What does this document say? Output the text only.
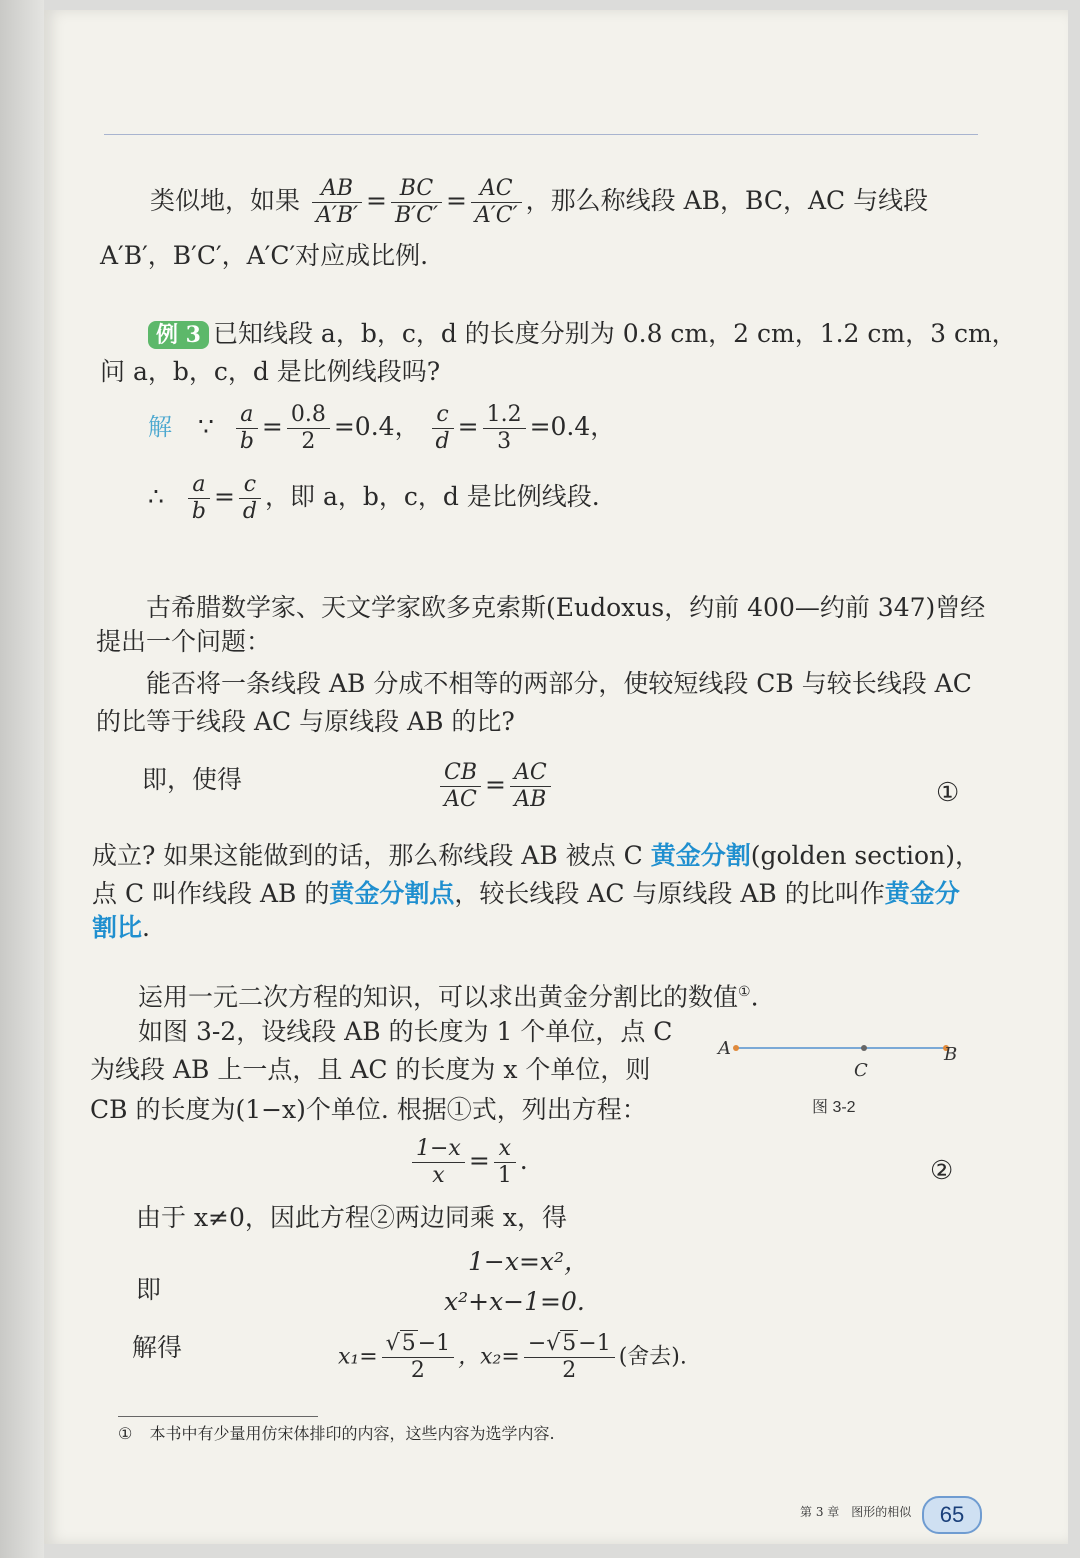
类似地，如果 $\frac{AB}{A'B'} = \frac{BC}{B'C'} = \frac{AC}{A'C'}$ ，那么称线段 AB，BC，AC 与线段
A′B′，B′C′，A′C′对应成比例.
例 3 已知线段 a，b，c，d 的长度分别为 0.8 cm，2 cm，1.2 cm，3 cm，
问 a，b，c，d 是比例线段吗?
解 ∵ $\frac{a}{b} = \frac{0.8}{2} =0.4$， $\frac{c}{d} = \frac{1.2}{3} =0.4$，
∴ $\frac{a}{b} = \frac{c}{d}$ ，即 a，b，c，d 是比例线段.
古希腊数学家、天文学家欧多克索斯(Eudoxus，约前 400—约前 347)曾经
提出一个问题：
能否将一条线段 AB 分成不相等的两部分，使较短线段 CB 与较长线段 AC
的比等于线段 AC 与原线段 AB 的比?
即，使得	$\frac{CB}{AC} = \frac{AC}{AB}$	①
成立? 如果这能做到的话，那么称线段 AB 被点 C 黄金分割(golden section)，
点 C 叫作线段 AB 的黄金分割点，较长线段 AC 与原线段 AB 的比叫作黄金分
割比.
运用一元二次方程的知识，可以求出黄金分割比的数值①.
如图 3-2，设线段 AB 的长度为 1 个单位，点 C
为线段 AB 上一点，且 AC 的长度为 x 个单位，则
CB 的长度为(1−x)个单位. 根据①式，列出方程：
A	B
C
图 3-2
$\frac{1-x}{x} = \frac{x}{1}$ .	②
由于 x≠0，因此方程②两边同乘 x，得
1−x=x²，
即	x²+x−1=0.
解得	$x_1= \frac{√5-1}{2}$ ，$x_2= \frac{-√5-1}{2}$ (舍去).
① 本书中有少量用仿宋体排印的内容，这些内容为选学内容.
第 3 章　图形的相似	65
